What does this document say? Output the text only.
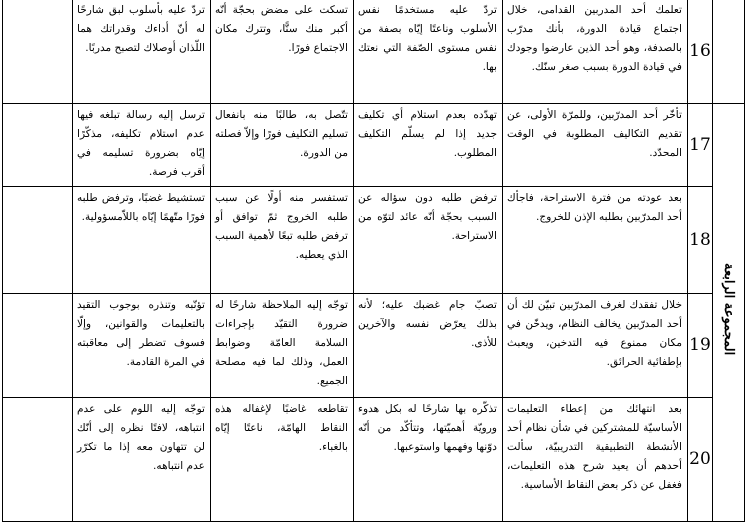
	16	تعلمك أحد المدربين القدامى، خلال اجتماع قيادة الدورة، بأنك مدرّب بالصدفة، وهو أحد الذين عارضوا وجودك في قيادة الدورة بسبب صغر سنّك.	تردّ عليه مستخدمًا نفس الأسلوب وناعتًا إيّاه بصفة من نفس مستوى الصّفة التي نعتك بها.	تسكت على مضض بحجّة أنّه أكبر منك سنًّا، وتترك مكان الاجتماع فورًا.	تردّ عليه بأسلوب لبق شارحًا له أنّ أداءك وقدراتك هما اللّذان أوصلاك لتصبح مدربًا.	
المجموعة الرابعة	17	تأخّر أحد المدرّبين، وللمرّة الأولى، عن تقديم التكاليف المطلوبة في الوقت المحدّد.	تهدّده بعدم استلام أي تكليف جديد إذا لم يسلّم التكليف المطلوب.	تتّصل به، طالبًا منه بانفعال تسليم التكليف فورًا وإلاّ فصلته من الدورة.	ترسل إليه رسالة تبلغه فيها عدم استلام تكليفه، مذكّرًا إيّاه بضرورة تسليمه في أقرب فرصة.	
	18	بعد عودته من فترة الاستراحة، فاجأك أحد المدرّبين بطلبه الإذن للخروج.	ترفض طلبه دون سؤاله عن السبب بحجّة أنّه عائد لتوّه من الاستراحة.	تستفسر منه أولًا عن سبب طلبه الخروج ثمّ توافق أو ترفض طلبه تبعًا لأهمية السبب الذي يعطيه.	تستشيط غضبًا، وترفض طلبه فورًا متّهمًا إيّاه باللاّمسؤولية.	
	19	خلال تفقدك لغرف المدرّبين تبيّن لك أن أحد المدرّبين يخالف النظام، ويدخّن في مكان ممنوع فيه التدخين، ويعبث بإطفائية الحرائق.	تصبّ جام غضبك عليه؛ لأنه بذلك يعرّض نفسه والآخرين للأذى.	توجّه إليه الملاحظة شارحًا له ضرورة التقيّد بإجراءات السلامة العامّة وضوابط العمل، وذلك لما فيه مصلحة الجميع.	تؤنّبه وتنذره بوجوب التقيد بالتعليمات والقوانين، وإلّا فسوف تضطر إلى معاقبته في المرة القادمة.	
	20	بعد انتهائك من إعطاء التعليمات الأساسيّة للمشتركين في شأن نظام أحد الأنشطة التطبيقية التدريبيّة، سألت أحدهم أن يعيد شرح هذه التعليمات، فغفل عن ذكر بعض النقاط الأساسية.	تذكّره بها شارحًا له بكل هدوء ورويّة أهميّتها، وتتأكّد من أنّه دوّنها وفهمها واستوعبها.	تقاطعه غاضبًا لإغفاله هذه النقاط الهامّة، ناعتًا إيّاه بالغباء.	توجّه إليه اللوم على عدم انتباهه، لافتًا نظره إلى أنّك لن تتهاون معه إذا ما تكرّر عدم انتباهه.	
